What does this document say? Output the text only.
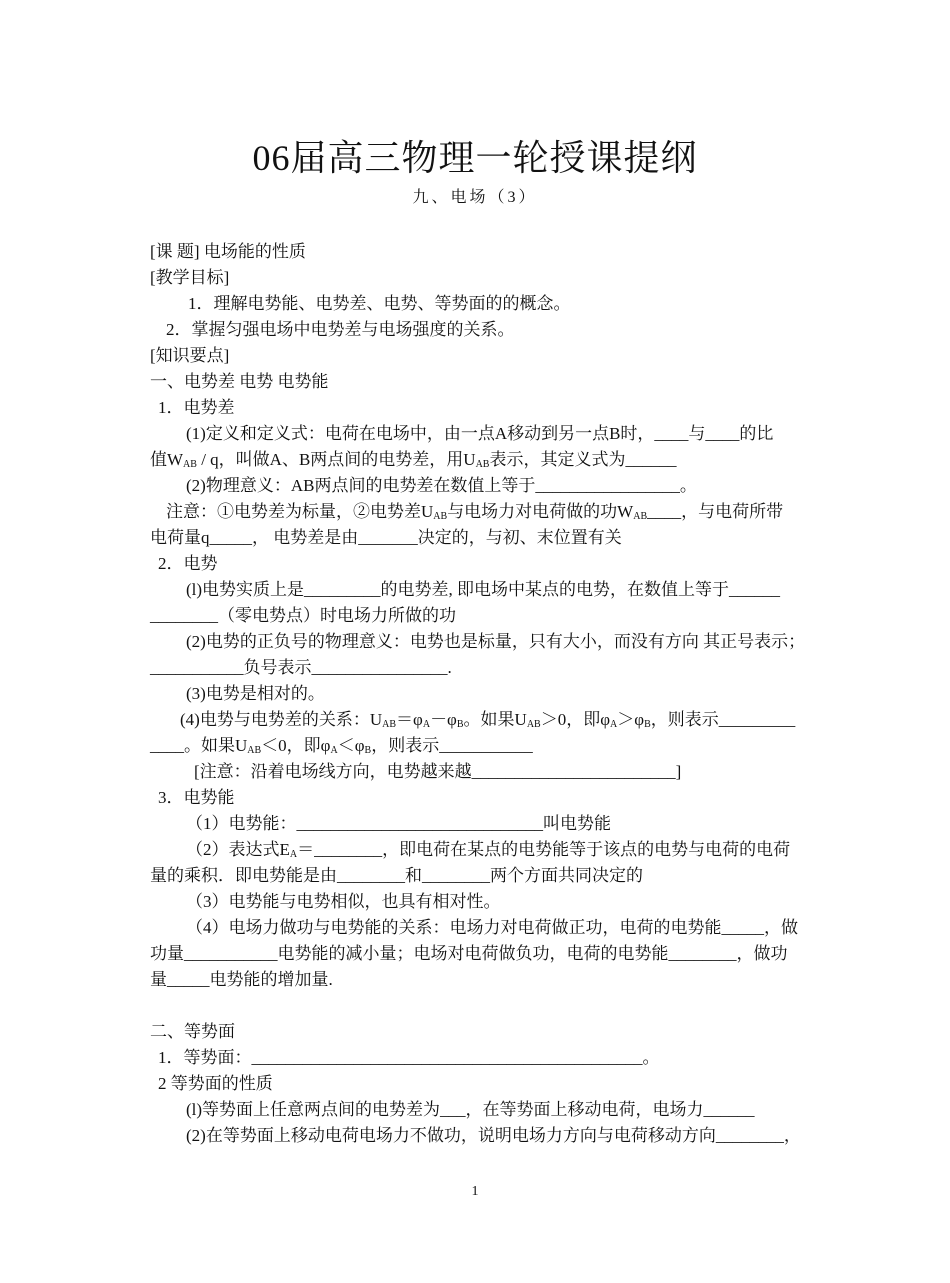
06届高三物理一轮授课提纲
九、电场（3）
[课 题] 电场能的性质
[教学目标]
1．理解电势能、电势差、电势、等势面的的概念。
2．掌握匀强电场中电势差与电场强度的关系。
[知识要点]
一、电势差 电势 电势能
1．电势差
(1)定义和定义式：电荷在电场中，由一点A移动到另一点B时，____与____的比
值$W_{AB}$ / q，叫做A、B两点间的电势差，用$U_{AB}$表示，其定义式为______
(2)物理意义：AB两点间的电势差在数值上等于_________________。
注意：①电势差为标量，②电势差$U_{AB}$与电场力对电荷做的功$W_{AB}\_\_\_\_$，与电荷所带
电荷量q_____， 电势差是由_______决定的，与初、末位置有关
2．电势
(l)电势实质上是_________的电势差, 即电场中某点的电势，在数值上等于______
________（零电势点）时电场力所做的功
(2)电势的正负号的物理意义：电势也是标量，只有大小，而没有方向 其正号表示；
___________负号表示________________.
(3)电势是相对的。
(4)电势与电势差的关系：$U_{AB}=\varphi_A-\varphi_B$。如果$U_{AB}>0$，即$\varphi_A>\varphi_B$，则表示_________
____。如果$U_{AB}<0$，即$\varphi_A<\varphi_B$，则表示___________
[注意：沿着电场线方向，电势越来越________________________]
3．电势能
（1）电势能：_____________________________叫电势能
（2）表达式$E_A=\_\_\_\_\_\_\_\_$，即电荷在某点的电势能等于该点的电势与电荷的电荷
量的乘积．即电势能是由________和________两个方面共同决定的
（3）电势能与电势相似，也具有相对性。
（4）电场力做功与电势能的关系：电场力对电荷做正功，电荷的电势能_____，做
功量___________电势能的减小量；电场对电荷做负功，电荷的电势能________，做功
量_____电势能的增加量.
二、等势面
1．等势面：______________________________________________。
2 等势面的性质
(l)等势面上任意两点间的电势差为___，在等势面上移动电荷，电场力______
(2)在等势面上移动电荷电场力不做功，说明电场力方向与电荷移动方向________，
1
